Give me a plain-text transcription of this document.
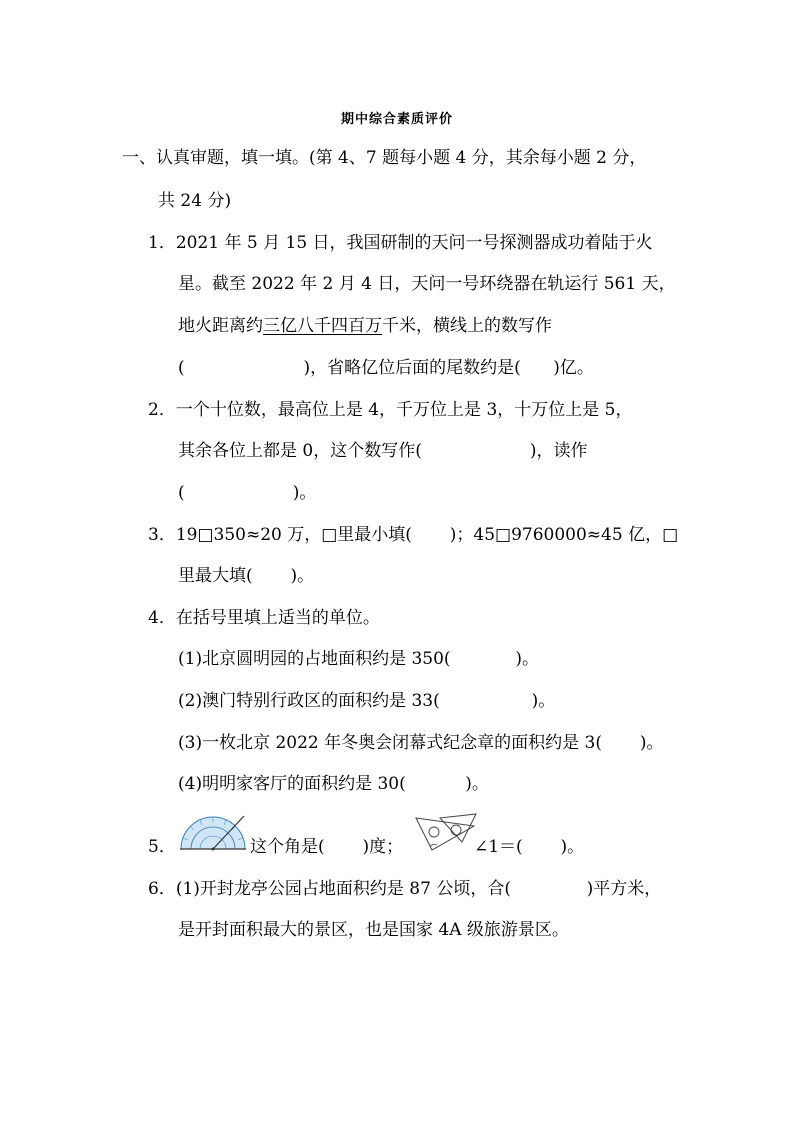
期中综合素质评价
一、认真审题，填一填。(第 4、7 题每小题 4 分，其余每小题 2 分，
共 24 分)
1．2021 年 5 月 15 日，我国研制的天问一号探测器成功着陆于火
星。截至 2022 年 2 月 4 日，天问一号环绕器在轨运行 561 天，
地火距离约三亿八千四百万千米，横线上的数写作
(                      )，省略亿位后面的尾数约是(      )亿。
2．一个十位数，最高位上是 4，千万位上是 3，十万位上是 5，
其余各位上都是 0，这个数写作(                    )，读作
(                    )。
3．19□350≈20 万，□里最小填(       )；45□9760000≈45 亿，□
里最大填(       )。
4．在括号里填上适当的单位。
(1)北京圆明园的占地面积约是 350(            )。
(2)澳门特别行政区的面积约是 33(                 )。
(3)一枚北京 2022 年冬奥会闭幕式纪念章的面积约是 3(       )。
(4)明明家客厅的面积约是 30(           )。
5．	这个角是(       )度；	∠1＝(       )。
6．(1)开封龙亭公园占地面积约是 87 公顷，合(              )平方米，
是开封面积最大的景区，也是国家 4A 级旅游景区。
